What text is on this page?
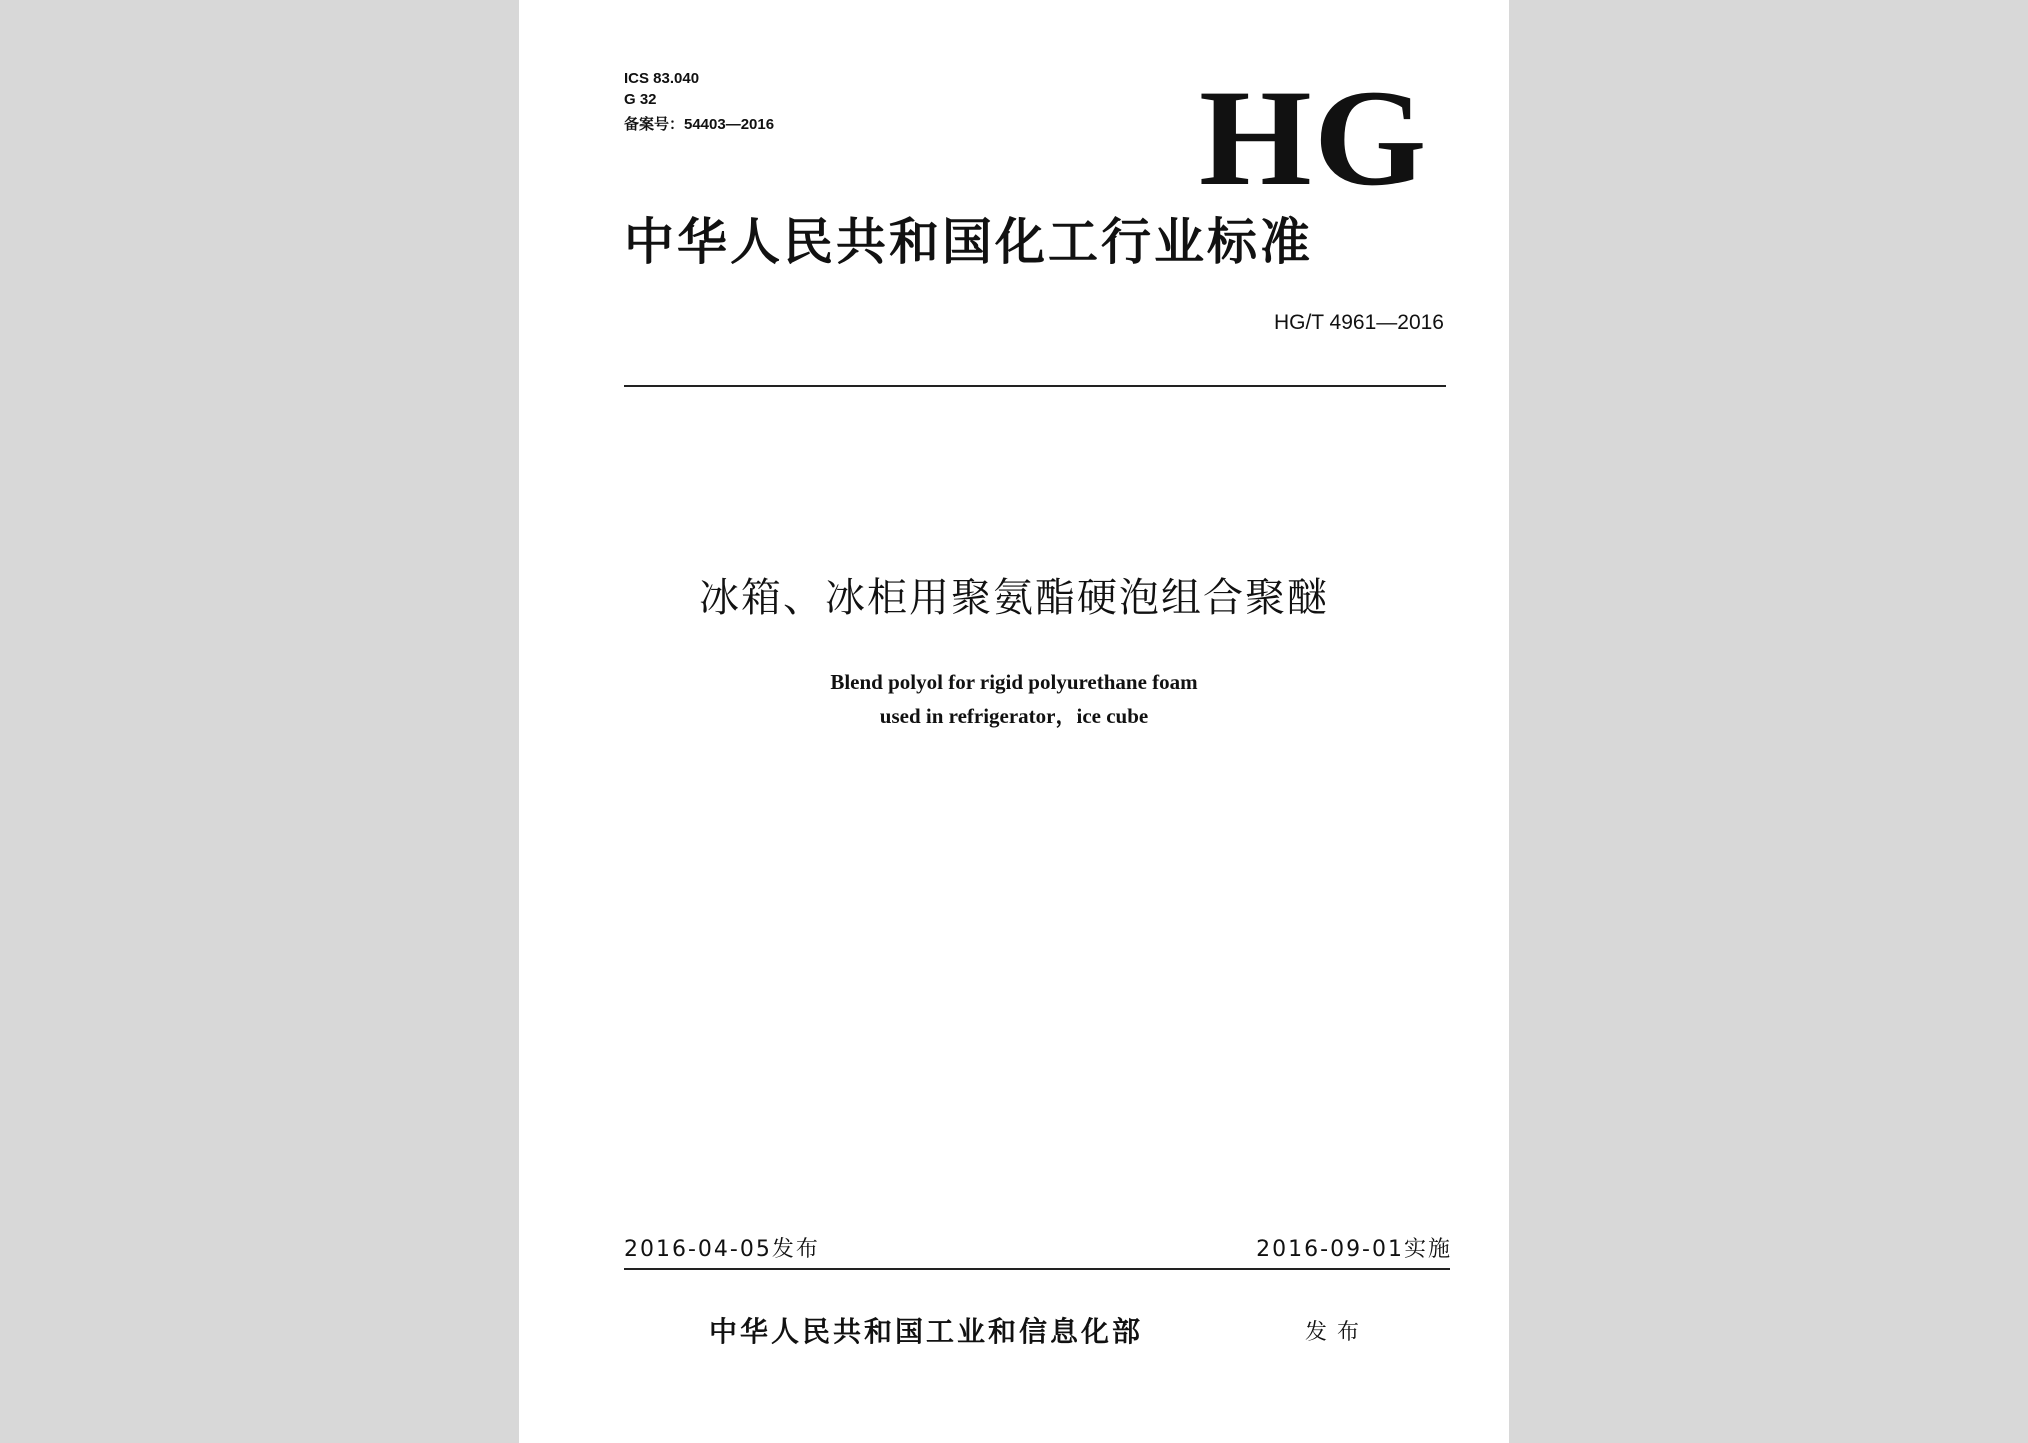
ICS 83.040
G 32
备案号：54403—2016	HG
中华人民共和国化工行业标准
HG/T 4961—2016
冰箱、冰柜用聚氨酯硬泡组合聚醚
Blend polyol for rigid polyurethane foam
used in refrigerator，ice cube
2016-04-05发布	2016-09-01实施
中华人民共和国工业和信息化部	发布
